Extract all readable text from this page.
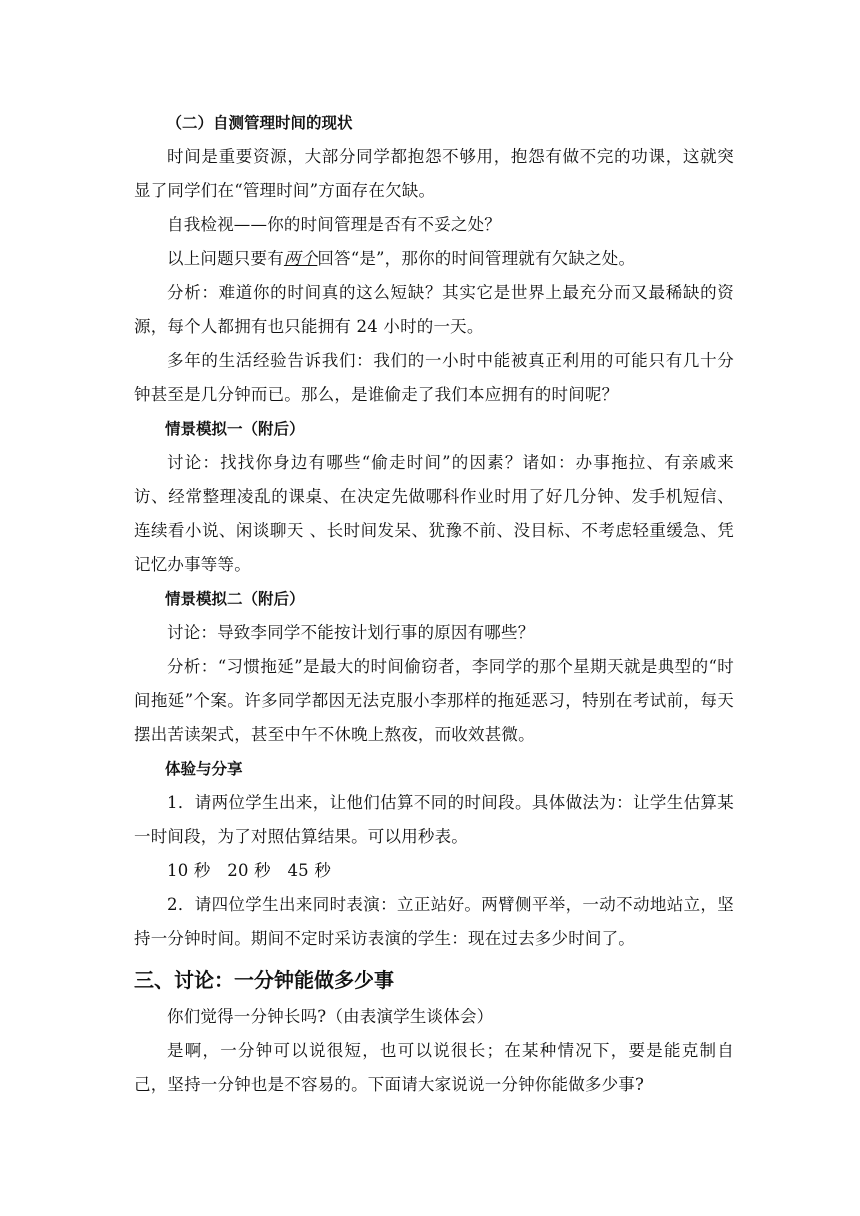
（二）自测管理时间的现状

时间是重要资源，大部分同学都抱怨不够用，抱怨有做不完的功课，这就突显了同学们在“管理时间”方面存在欠缺。

自我检视——你的时间管理是否有不妥之处？

以上问题只要有两个回答“是”，那你的时间管理就有欠缺之处。

分析：难道你的时间真的这么短缺？其实它是世界上最充分而又最稀缺的资源，每个人都拥有也只能拥有 24 小时的一天。

多年的生活经验告诉我们：我们的一小时中能被真正利用的可能只有几十分钟甚至是几分钟而已。那么，是谁偷走了我们本应拥有的时间呢？

情景模拟一（附后）

讨论：找找你身边有哪些“偷走时间”的因素？诸如：办事拖拉、有亲戚来访、经常整理凌乱的课桌、在决定先做哪科作业时用了好几分钟、发手机短信、连续看小说、闲谈聊天 、长时间发呆、犹豫不前、没目标、不考虑轻重缓急、凭记忆办事等等。

情景模拟二（附后）

讨论：导致李同学不能按计划行事的原因有哪些？

分析：“习惯拖延”是最大的时间偷窃者，李同学的那个星期天就是典型的“时间拖延”个案。许多同学都因无法克服小李那样的拖延恶习，特别在考试前，每天摆出苦读架式，甚至中午不休晚上熬夜，而收效甚微。

体验与分享

1．请两位学生出来，让他们估算不同的时间段。具体做法为：让学生估算某一时间段，为了对照估算结果。可以用秒表。

10 秒　20 秒　45 秒

2．请四位学生出来同时表演：立正站好。两臂侧平举，一动不动地站立，坚持一分钟时间。期间不定时采访表演的学生：现在过去多少时间了。

三、讨论：一分钟能做多少事

你们觉得一分钟长吗?（由表演学生谈体会）

是啊，一分钟可以说很短，也可以说很长；在某种情况下，要是能克制自己，坚持一分钟也是不容易的。下面请大家说说一分钟你能做多少事?
